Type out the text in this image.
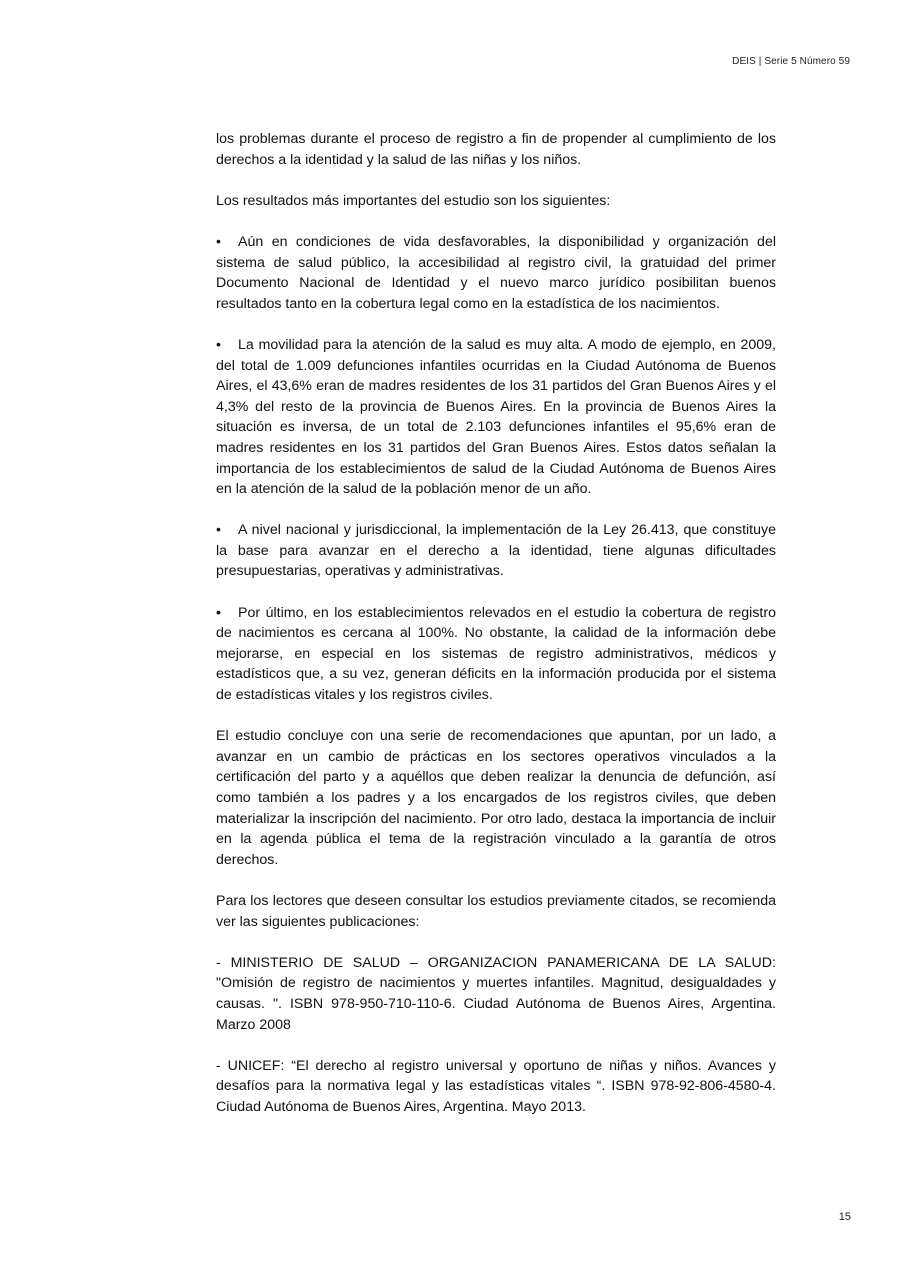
DEIS | Serie 5 Número 59

los problemas durante el proceso de registro a fin de propender al cumplimiento de los derechos a la identidad y la salud de las niñas y los niños.

Los resultados más importantes del estudio son los siguientes:

• Aún en condiciones de vida desfavorables, la disponibilidad y organización del sistema de salud público, la accesibilidad al registro civil, la gratuidad del primer Documento Nacional de Identidad y el nuevo marco jurídico posibilitan buenos resultados tanto en la cobertura legal como en la estadística de los nacimientos.

• La movilidad para la atención de la salud es muy alta. A modo de ejemplo, en 2009, del total de 1.009 defunciones infantiles ocurridas en la Ciudad Autónoma de Buenos Aires, el 43,6% eran de madres residentes de los 31 partidos del Gran Buenos Aires y el 4,3% del resto de la provincia de Buenos Aires. En la provincia de Buenos Aires la situación es inversa, de un total de 2.103 defunciones infantiles el 95,6% eran de madres residentes en los 31 partidos del Gran Buenos Aires. Estos datos señalan la importancia de los establecimientos de salud de la Ciudad Autónoma de Buenos Aires en la atención de la salud de la población menor de un año.

• A nivel nacional y jurisdiccional, la implementación de la Ley 26.413, que constituye la base para avanzar en el derecho a la identidad, tiene algunas dificultades presupuestarias, operativas y administrativas.

• Por último, en los establecimientos relevados en el estudio la cobertura de registro de nacimientos es cercana al 100%. No obstante, la calidad de la información debe mejorarse, en especial en los sistemas de registro administrativos, médicos y estadísticos que, a su vez, generan déficits en la información producida por el sistema de estadísticas vitales y los registros civiles.

El estudio concluye con una serie de recomendaciones que apuntan, por un lado, a avanzar en un cambio de prácticas en los sectores operativos vinculados a la certificación del parto y a aquéllos que deben realizar la denuncia de defunción, así como también a los padres y a los encargados de los registros civiles, que deben materializar la inscripción del nacimiento. Por otro lado, destaca la importancia de incluir en la agenda pública el tema de la registración vinculado a la garantía de otros derechos.

Para los lectores que deseen consultar los estudios previamente citados, se recomienda ver las siguientes publicaciones:

- MINISTERIO DE SALUD – ORGANIZACION PANAMERICANA DE LA SALUD: "Omisión de registro de nacimientos y muertes infantiles. Magnitud, desigualdades y causas. ". ISBN 978-950-710-110-6. Ciudad Autónoma de Buenos Aires, Argentina. Marzo 2008

- UNICEF: “El derecho al registro universal y oportuno de niñas y niños. Avances y desafíos para la normativa legal y las estadísticas vitales “. ISBN 978-92-806-4580-4. Ciudad Autónoma de Buenos Aires, Argentina. Mayo 2013.

15
